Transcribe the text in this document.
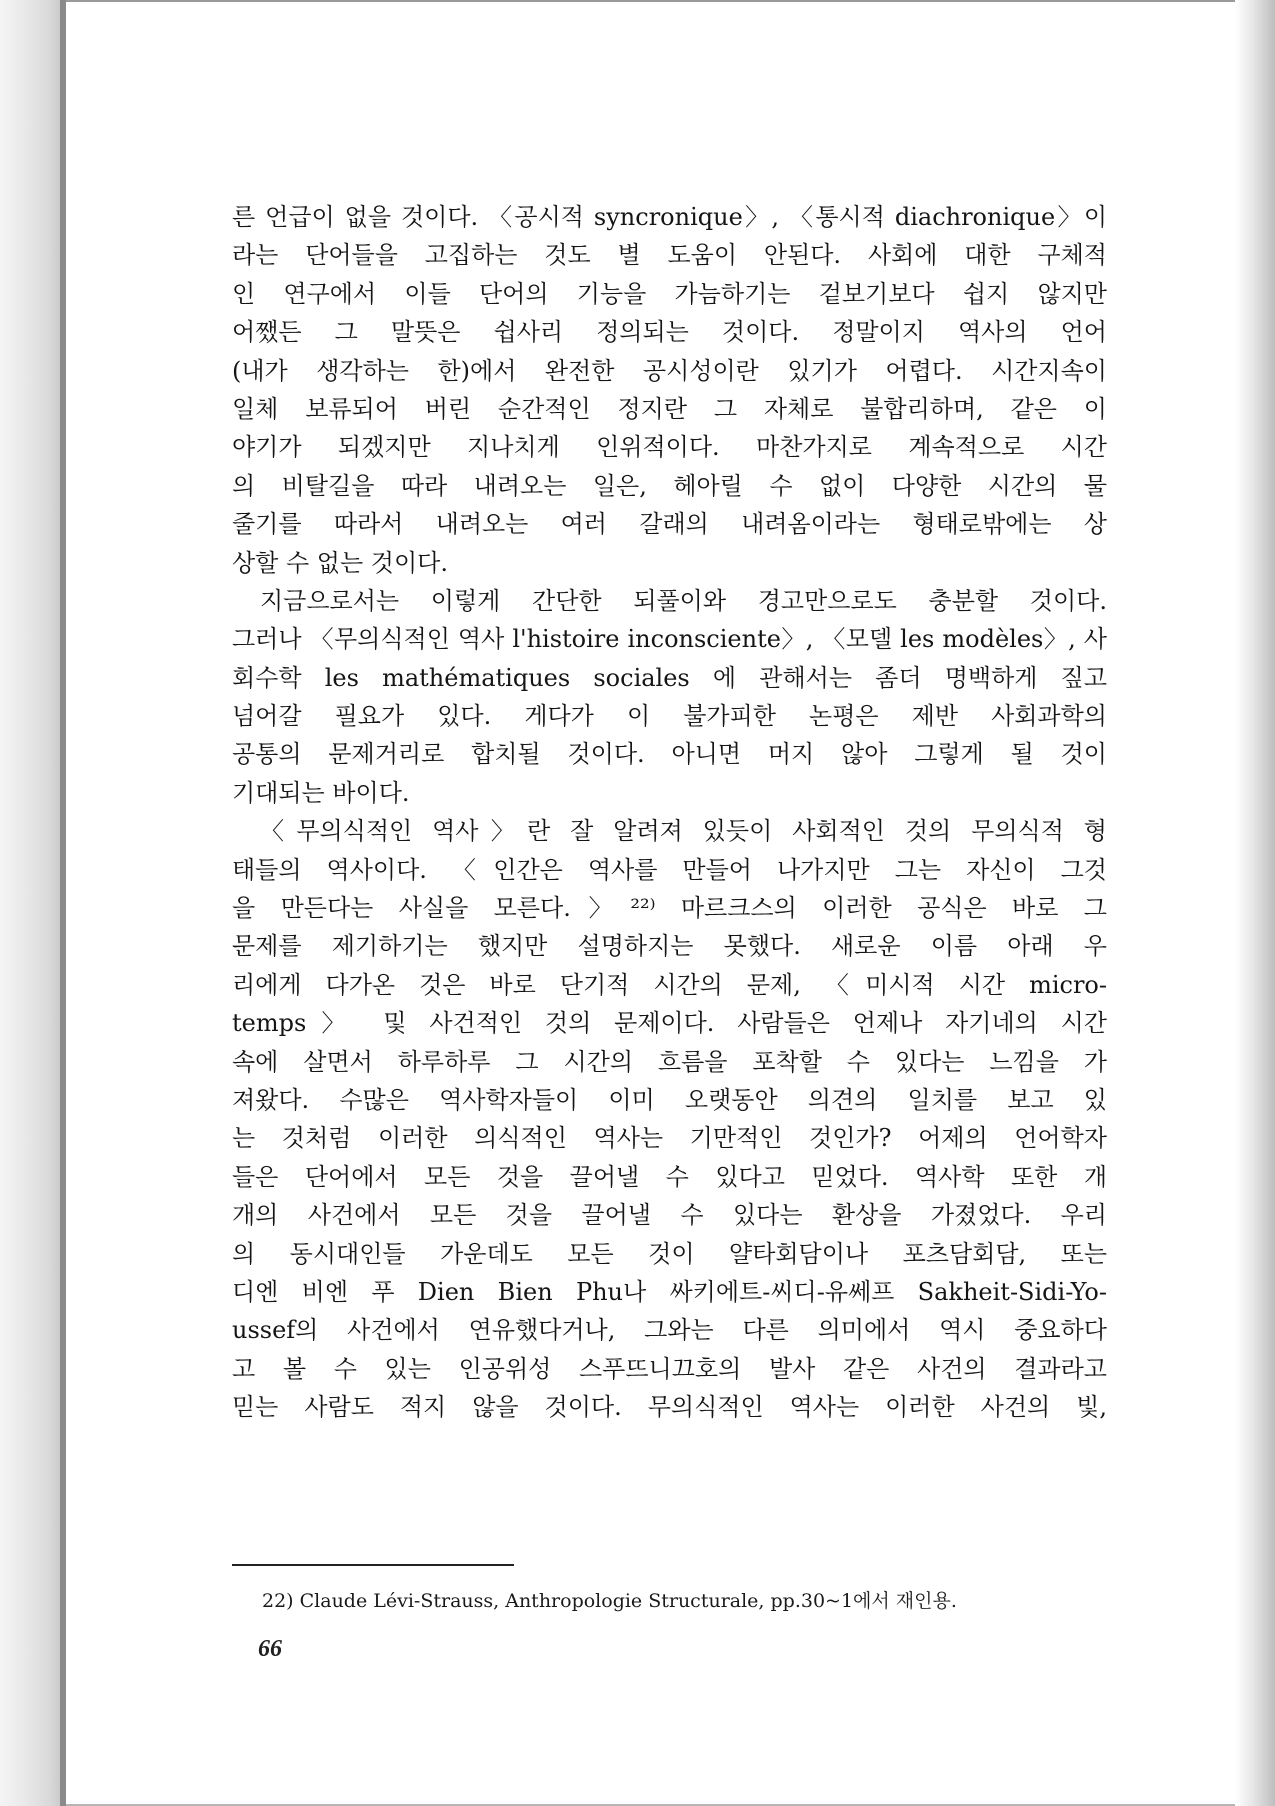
른 언급이 없을 것이다. 〈공시적 syncronique〉, 〈통시적 diachronique〉이
라는 단어들을 고집하는 것도 별 도움이 안된다. 사회에 대한 구체적
인 연구에서 이들 단어의 기능을 가늠하기는 겉보기보다 쉽지 않지만
어쨌든 그 말뜻은 쉽사리 정의되는 것이다. 정말이지 역사의 언어
(내가 생각하는 한)에서 완전한 공시성이란 있기가 어렵다. 시간지속이
일체 보류되어 버린 순간적인 정지란 그 자체로 불합리하며, 같은 이
야기가 되겠지만 지나치게 인위적이다. 마찬가지로 계속적으로 시간
의 비탈길을 따라 내려오는 일은, 헤아릴 수 없이 다양한 시간의 물
줄기를 따라서 내려오는 여러 갈래의 내려옴이라는 형태로밖에는 상
상할 수 없는 것이다.
지금으로서는 이렇게 간단한 되풀이와 경고만으로도 충분할 것이다.
그러나 〈무의식적인 역사 l'histoire inconsciente〉, 〈모델 les modèles〉, 사
회수학 les mathématiques sociales 에 관해서는 좀더 명백하게 짚고
넘어갈 필요가 있다. 게다가 이 불가피한 논평은 제반 사회과학의
공통의 문제거리로 합치될 것이다. 아니면 머지 않아 그렇게 될 것이
기대되는 바이다.
〈무의식적인 역사〉란 잘 알려져 있듯이 사회적인 것의 무의식적 형
태들의 역사이다. 〈인간은 역사를 만들어 나가지만 그는 자신이 그것
을 만든다는 사실을 모른다.〉²²⁾ 마르크스의 이러한 공식은 바로 그
문제를 제기하기는 했지만 설명하지는 못했다. 새로운 이름 아래 우
리에게 다가온 것은 바로 단기적 시간의 문제, 〈미시적 시간 micro-
temps〉 및 사건적인 것의 문제이다. 사람들은 언제나 자기네의 시간
속에 살면서 하루하루 그 시간의 흐름을 포착할 수 있다는 느낌을 가
져왔다. 수많은 역사학자들이 이미 오랫동안 의견의 일치를 보고 있
는 것처럼 이러한 의식적인 역사는 기만적인 것인가? 어제의 언어학자
들은 단어에서 모든 것을 끌어낼 수 있다고 믿었다. 역사학 또한 개
개의 사건에서 모든 것을 끌어낼 수 있다는 환상을 가졌었다. 우리
의 동시대인들 가운데도 모든 것이 얄타회담이나 포츠담회담, 또는
디엔 비엔 푸 Dien Bien Phu나 싸키에트-씨디-유쎄프 Sakheit-Sidi-Yo-
ussef의 사건에서 연유했다거나, 그와는 다른 의미에서 역시 중요하다
고 볼 수 있는 인공위성 스푸뜨니끄호의 발사 같은 사건의 결과라고
믿는 사람도 적지 않을 것이다. 무의식적인 역사는 이러한 사건의 빛,
22) Claude Lévi-Strauss, Anthropologie Structurale, pp.30~1에서 재인용.
66
